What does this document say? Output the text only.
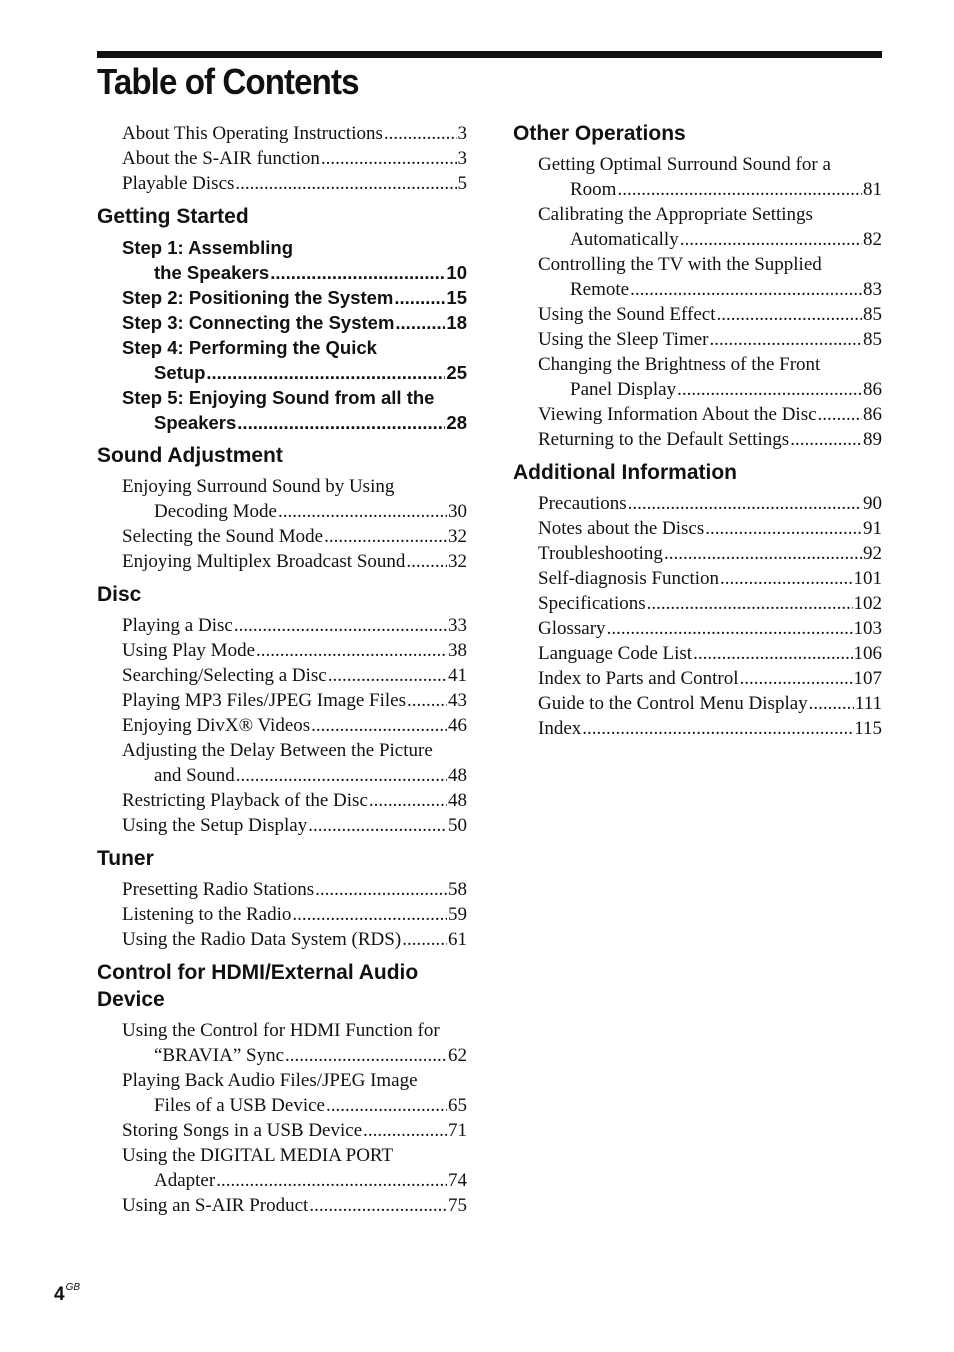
Table of Contents
About This Operating Instructions .....	3
About the S-AIR function .....	3
Playable Discs .....	5
Getting Started
Step 1: Assembling
the Speakers .....	10
Step 2: Positioning the System .....	15
Step 3: Connecting the System .....	18
Step 4: Performing the Quick
Setup .....	25
Step 5: Enjoying Sound from all the
Speakers .....	28
Sound Adjustment
Enjoying Surround Sound by Using
Decoding Mode .....	30
Selecting the Sound Mode .....	32
Enjoying Multiplex Broadcast Sound ..... 32
Disc
Playing a Disc .....	33
Using Play Mode .....	38
Searching/Selecting a Disc .....	41
Playing MP3 Files/JPEG Image Files ..... 43
Enjoying DivX® Videos .....	46
Adjusting the Delay Between the Picture
and Sound .....	48
Restricting Playback of the Disc .....	48
Using the Setup Display .....	50
Tuner
Presetting Radio Stations .....	58
Listening to the Radio .....	59
Using the Radio Data System (RDS) ..... 61
Control for HDMI/External Audio Device
Using the Control for HDMI Function for
“BRAVIA” Sync .....	62
Playing Back Audio Files/JPEG Image
Files of a USB Device .....	65
Storing Songs in a USB Device .....	71
Using the DIGITAL MEDIA PORT
Adapter .....	74
Using an S-AIR Product .....	75
Other Operations
Getting Optimal Surround Sound for a
Room .....	81
Calibrating the Appropriate Settings
Automatically .....	82
Controlling the TV with the Supplied
Remote .....	83
Using the Sound Effect .....	85
Using the Sleep Timer .....	85
Changing the Brightness of the Front
Panel Display .....	86
Viewing Information About the Disc ..... 86
Returning to the Default Settings .....	89
Additional Information
Precautions .....	90
Notes about the Discs .....	91
Troubleshooting .....	92
Self-diagnosis Function .....	101
Specifications .....	102
Glossary .....	103
Language Code List .....	106
Index to Parts and Control .....	107
Guide to the Control Menu Display ..... 111
Index .....	115
$4^{GB}$
